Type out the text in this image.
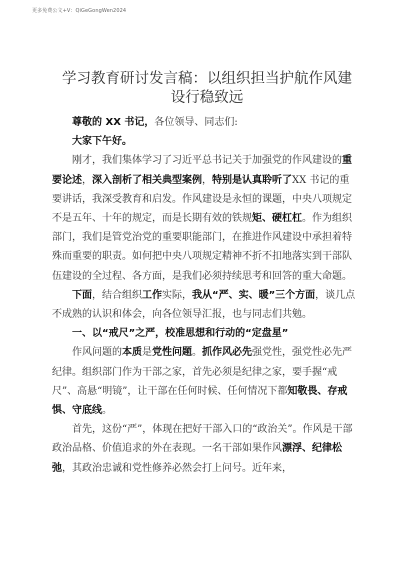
更多免费公文+V：QiGeGongWen2024
学习教育研讨发言稿：以组织担当护航作风建
设行稳致远

尊敬的 XX 书记，各位领导、同志们:

大家下午好。

刚才，我们集体学习了习近平总书记关于加强党的作风建设的重要论述，深入剖析了相关典型案例，特别是认真聆听了XX 书记的重要讲话，我深受教育和启发。作风建设是永恒的课题，中央八项规定不是五年、十年的规定，而是长期有效的铁规矩、硬杠杠。作为组织部门，我们是管党治党的重要职能部门，在推进作风建设中承担着特殊而重要的职责。如何把中央八项规定精神不折不扣地落实到干部队伍建设的全过程、各方面，是我们必须持续思考和回答的重大命题。

下面，结合组织工作实际，我从“严、实、暖”三个方面，谈几点不成熟的认识和体会，向各位领导汇报，也与同志们共勉。

一、以“戒尺”之严，校准思想和行动的“定盘星”

作风问题的本质是党性问题。抓作风必先强党性，强党性必先严纪律。组织部门作为干部之家，首先必须是纪律之家，要手握“戒尺”、高悬“明镜”，让干部在任何时候、任何情况下都知敬畏、存戒惧、守底线。

首先，这份“严”，体现在把好干部入口的“政治关”。作风是干部政治品格、价值追求的外在表现。一名干部如果作风漂浮、纪律松弛，其政治忠诚和党性修养必然会打上问号。近年来，
